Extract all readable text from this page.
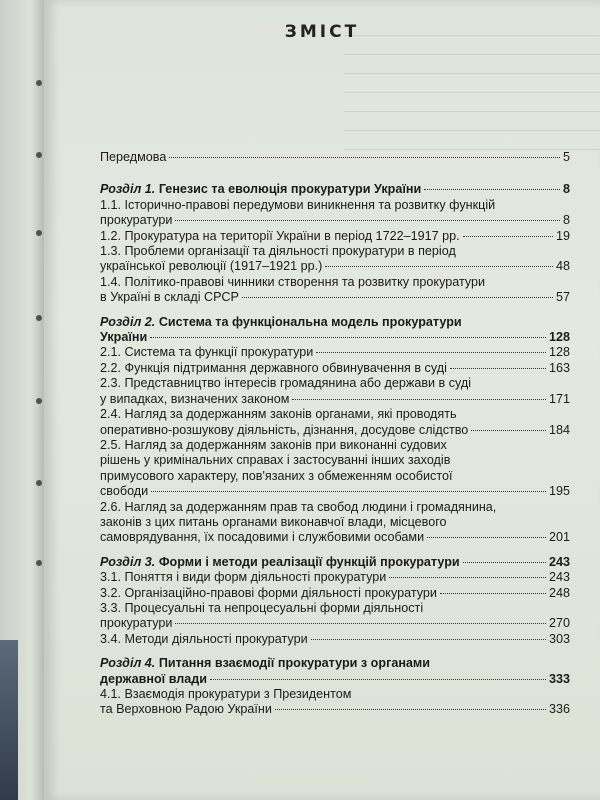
ЗМІСТ
Передмова	5
Розділ 1. Генезис та еволюція прокуратури України	8
1.1. Історично-правові передумови виникнення та розвитку функцій
прокуратури	8
1.2. Прокуратура на території України в період 1722–1917 рр.	19
1.3. Проблеми організації та діяльності прокуратури в період
української революції (1917–1921 рр.)	48
1.4. Політико-правові чинники створення та розвитку прокуратури
в Україні в складі СРСР	57
Розділ 2. Система та функціональна модель прокуратури
України	128
2.1. Система та функції прокуратури	128
2.2. Функція підтримання державного обвинувачення в суді	163
2.3. Представництво інтересів громадянина або держави в суді
у випадках, визначених законом	171
2.4. Нагляд за додержанням законів органами, які проводять
оперативно-розшукову діяльність, дізнання, досудове слідство	184
2.5. Нагляд за додержанням законів при виконанні судових
рішень у кримінальних справах і застосуванні інших заходів
примусового характеру, пов'язаних з обмеженням особистої
свободи	195
2.6. Нагляд за додержанням прав та свобод людини і громадянина,
законів з цих питань органами виконавчої влади, місцевого
самоврядування, їх посадовими і службовими особами	201
Розділ 3. Форми і методи реалізації функцій прокуратури	243
3.1. Поняття і види форм діяльності прокуратури	243
3.2. Організаційно-правові форми діяльності прокуратури	248
3.3. Процесуальні та непроцесуальні форми діяльності
прокуратури	270
3.4. Методи діяльності прокуратури	303
Розділ 4. Питання взаємодії прокуратури з органами
державної влади	333
4.1. Взаємодія прокуратури з Президентом
та Верховною Радою України	336
